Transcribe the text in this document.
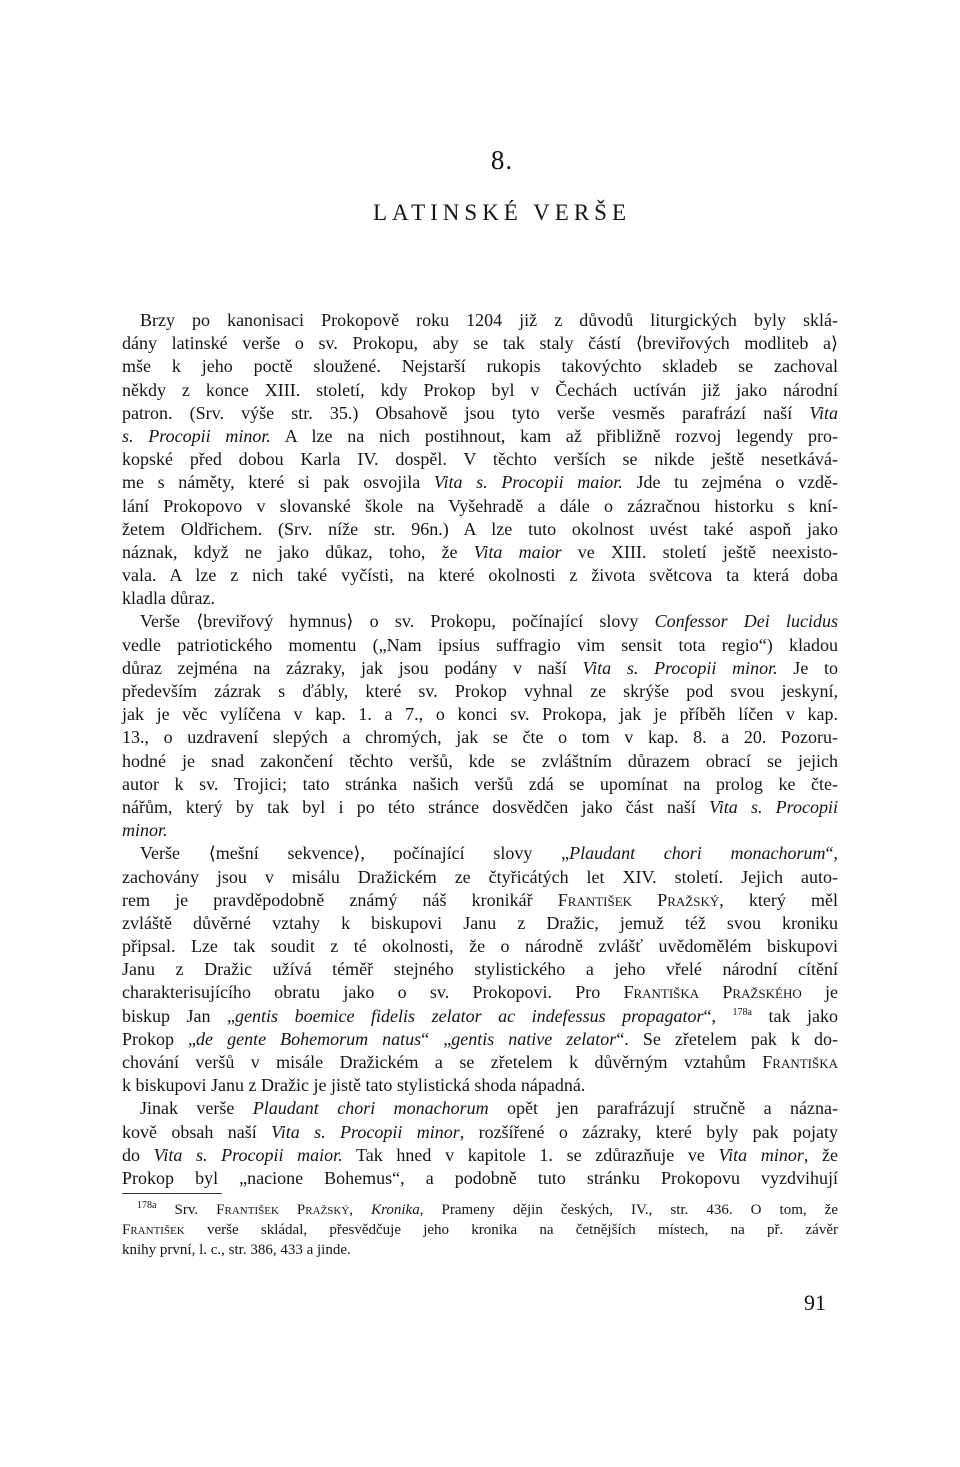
8.
LATINSKÉ VERŠE
 Brzy po kanonisaci Prokopově roku 1204 již z důvodů liturgických byly sklá-
dány latinské verše o sv. Prokopu, aby se tak staly částí ⟨breviřových modliteb a⟩
mše k jeho poctě sloužené. Nejstarší rukopis takovýchto skladeb se zachoval
někdy z konce XIII. století, kdy Prokop byl v Čechách uctíván již jako národní
patron. (Srv. výše str. 35.) Obsahově jsou tyto verše vesměs parafrází naší Vita
s. Procopii minor. A lze na nich postihnout, kam až přibližně rozvoj legendy pro-
kopské před dobou Karla IV. dospěl. V těchto verších se nikde ještě nesetkává-
me s náměty, které si pak osvojila Vita s. Procopii maior. Jde tu zejména o vzdě-
lání Prokopovo v slovanské škole na Vyšehradě a dále o zázračnou historku s kní-
žetem Oldřichem. (Srv. níže str. 96n.) A lze tuto okolnost uvést také aspoň jako
náznak, když ne jako důkaz, toho, že Vita maior ve XIII. století ještě neexisto-
vala. A lze z nich také vyčísti, na které okolnosti z života světcova ta která doba
kladla důraz.
 Verše ⟨breviřový hymnus⟩ o sv. Prokopu, počínající slovy Confessor Dei lucidus
vedle patriotického momentu („Nam ipsius suffragio vim sensit tota regio“) kladou
důraz zejména na zázraky, jak jsou podány v naší Vita s. Procopii minor. Je to
především zázrak s ďábly, které sv. Prokop vyhnal ze skrýše pod svou jeskyní,
jak je věc vylíčena v kap. 1. a 7., o konci sv. Prokopa, jak je příběh líčen v kap.
13., o uzdravení slepých a chromých, jak se čte o tom v kap. 8. a 20. Pozoru-
hodné je snad zakončení těchto veršů, kde se zvláštním důrazem obrací se jejich
autor k sv. Trojici; tato stránka našich veršů zdá se upomínat na prolog ke čte-
nářům, který by tak byl i po této stránce dosvědčen jako část naší Vita s. Procopii
minor.
 Verše ⟨mešní sekvence⟩, počínající slovy „Plaudant chori monachorum“,
zachovány jsou v misálu Dražickém ze čtyřicátých let XIV. století. Jejich auto-
rem je pravděpodobně známý náš kronikář František Pražský, který měl
zvláště důvěrné vztahy k biskupovi Janu z Dražic, jemuž též svou kroniku
připsal. Lze tak soudit z té okolnosti, že o národně zvlášť uvědomělém biskupovi
Janu z Dražic užívá téměř stejného stylistického a jeho vřelé národní cítění
charakterisujícího obratu jako o sv. Prokopovi. Pro Františka Pražského je
biskup Jan „gentis boemice fidelis zelator ac indefessus propagator“, $^{178a}$ tak jako
Prokop „de gente Bohemorum natus“ „gentis native zelator“. Se zřetelem pak k do-
chování veršů v misále Dražickém a se zřetelem k důvěrným vztahům Františka
k biskupovi Janu z Dražic je jistě tato stylistická shoda nápadná.
 Jinak verše Plaudant chori monachorum opět jen parafrázují stručně a názna-
kově obsah naší Vita s. Procopii minor, rozšířené o zázraky, které byly pak pojaty
do Vita s. Procopii maior. Tak hned v kapitole 1. se zdůrazňuje ve Vita minor, že
Prokop byl „nacione Bohemus“, a podobně tuto stránku Prokopovu vyzdvihují
 $^{178a}$ Srv. František Pražský, Kronika, Prameny dějin českých, IV., str. 436. O tom, že
František verše skládal, přesvědčuje jeho kronika na četnějších místech, na př. závěr
knihy první, l. c., str. 386, 433 a jinde.
91
